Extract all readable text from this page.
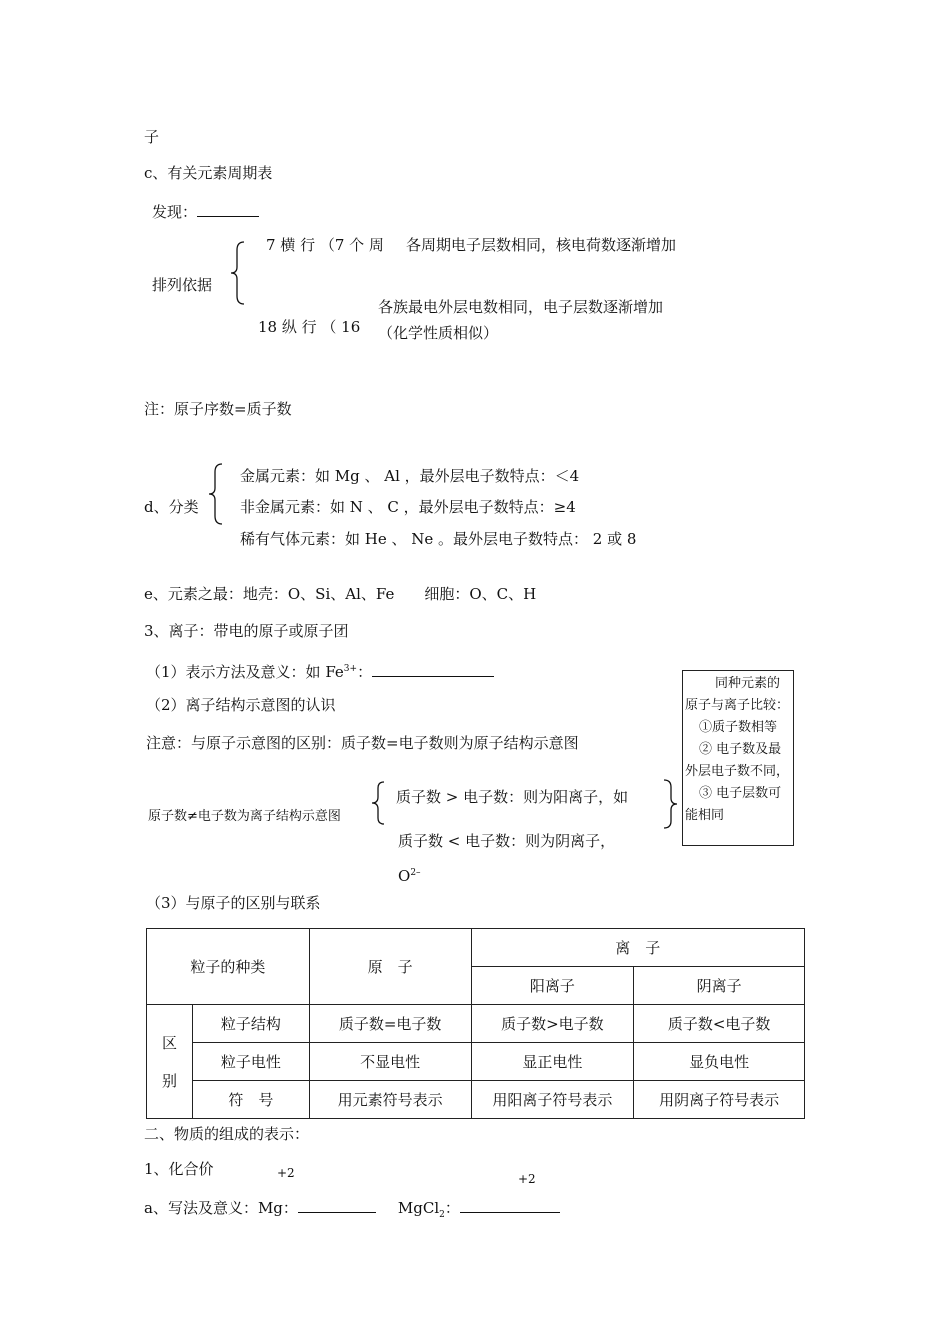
子
c、有关元素周期表
发现：
排列依据
7 横 行 （7 个 周 各周期电子层数相同，核电荷数逐渐增加
各族最电外层电数相同，电子层数逐渐增加
18 纵 行 （ 16 （化学性质相似）
注：原子序数=质子数
d、分类
金属元素：如 Mg 、 Al ，最外层电子数特点：＜4
非金属元素：如 N 、 C ，最外层电子数特点：≥4
稀有气体元素：如 He 、 Ne 。最外层电子数特点： 2 或 8
e、元素之最：地壳：O、Si、Al、Fe　　细胞：O、C、H
3、离子：带电的原子或原子团
（1）表示方法及意义：如 $Fe^{3+}$：
（2）离子结构示意图的认识
注意：与原子示意图的区别：质子数=电子数则为原子结构示意图
同种元素的
原子与离子比较：
①质子数相等
② 电子数及最
外层电子数不同，
③ 电子层数可
能相同
原子数≠电子数为离子结构示意图
质子数 > 电子数：则为阳离子，如
质子数 < 电子数：则为阴离子，
$O^{2-}$
（3）与原子的区别与联系
粒子的种类		原　子	离　子	
			阳离子	阴离子

区
别	粒子结构	质子数=电子数	质子数>电子数	质子数<电子数
	粒子电性	不显电性	显正电性	显负电性
	符　号	用元素符号表示	用阳离子符号表示	用阴离子符号表示
二、物质的组成的表示：
1、化合价	+2	+2
a、写法及意义：Mg：	MgCl$_2$：
